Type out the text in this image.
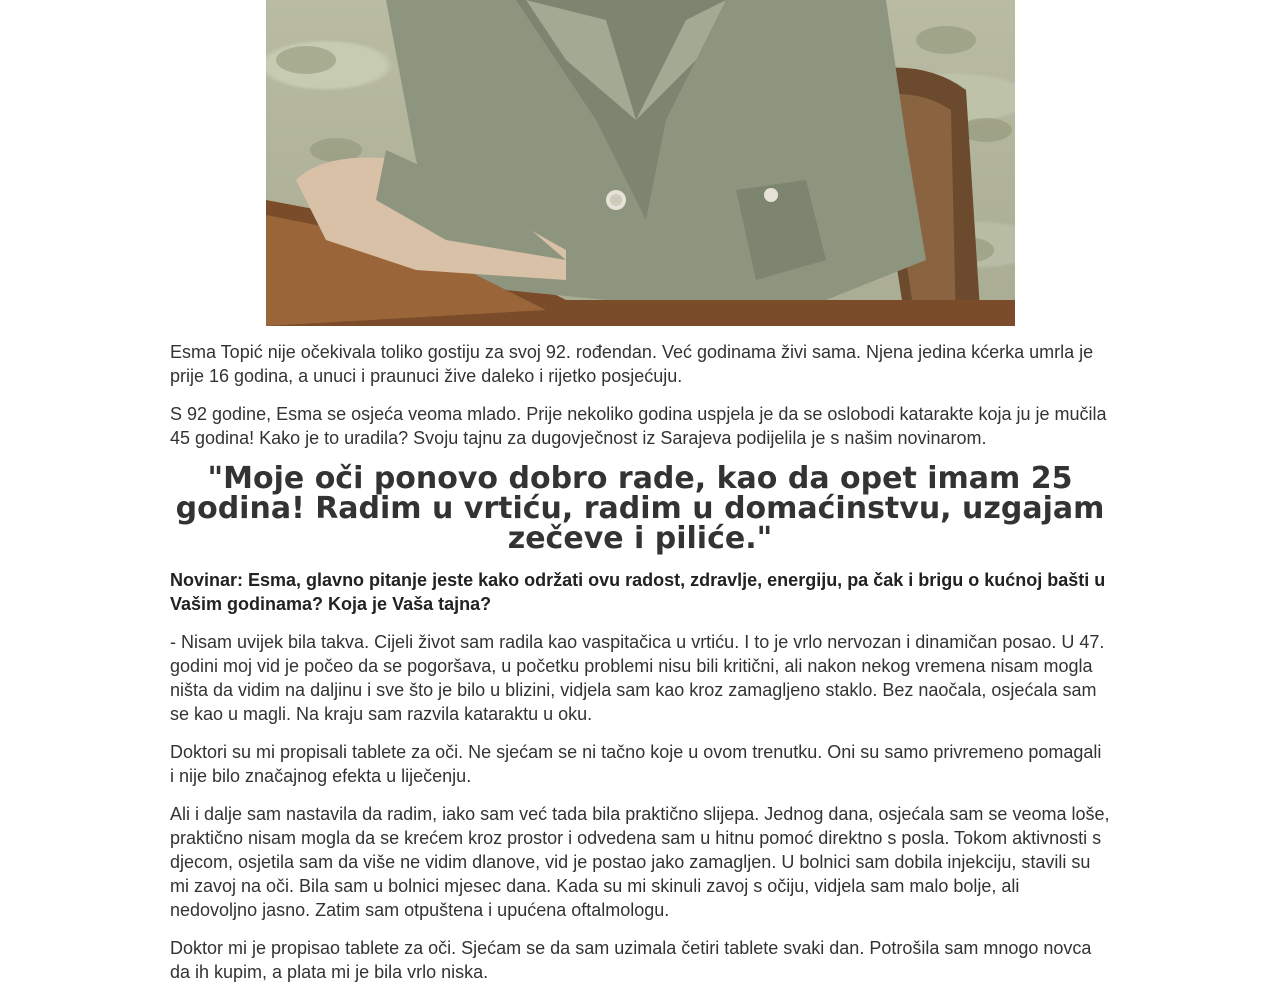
Esma Topić nije očekivala toliko gostiju za svoj 92. rođendan. Već godinama živi sama. Njena jedina kćerka umrla je prije 16 godina, a unuci i praunuci žive daleko i rijetko posjećuju.

S 92 godine, Esma se osjeća veoma mlado. Prije nekoliko godina uspjela je da se oslobodi katarakte koja ju je mučila 45 godina! Kako je to uradila? Svoju tajnu za dugovječnost iz Sarajeva podijelila je s našim novinarom.

"Moje oči ponovo dobro rade, kao da opet imam 25 godina! Radim u vrtiću, radim u domaćinstvu, uzgajam zečeve i piliće."

Novinar: Esma, glavno pitanje jeste kako održati ovu radost, zdravlje, energiju, pa čak i brigu o kućnoj bašti u Vašim godinama? Koja je Vaša tajna?

- Nisam uvijek bila takva. Cijeli život sam radila kao vaspitačica u vrtiću. I to je vrlo nervozan i dinamičan posao. U 47. godini moj vid je počeo da se pogoršava, u početku problemi nisu bili kritični, ali nakon nekog vremena nisam mogla ništa da vidim na daljinu i sve što je bilo u blizini, vidjela sam kao kroz zamagljeno staklo. Bez naočala, osjećala sam se kao u magli. Na kraju sam razvila kataraktu u oku.

Doktori su mi propisali tablete za oči. Ne sjećam se ni tačno koje u ovom trenutku. Oni su samo privremeno pomagali i nije bilo značajnog efekta u liječenju.

Ali i dalje sam nastavila da radim, iako sam već tada bila praktično slijepa. Jednog dana, osjećala sam se veoma loše, praktično nisam mogla da se krećem kroz prostor i odvedena sam u hitnu pomoć direktno s posla. Tokom aktivnosti s djecom, osjetila sam da više ne vidim dlanove, vid je postao jako zamagljen. U bolnici sam dobila injekciju, stavili su mi zavoj na oči. Bila sam u bolnici mjesec dana. Kada su mi skinuli zavoj s očiju, vidjela sam malo bolje, ali nedovoljno jasno. Zatim sam otpuštena i upućena oftalmologu.

Doktor mi je propisao tablete za oči. Sjećam se da sam uzimala četiri tablete svaki dan. Potrošila sam mnogo novca da ih kupim, a plata mi je bila vrlo niska.
